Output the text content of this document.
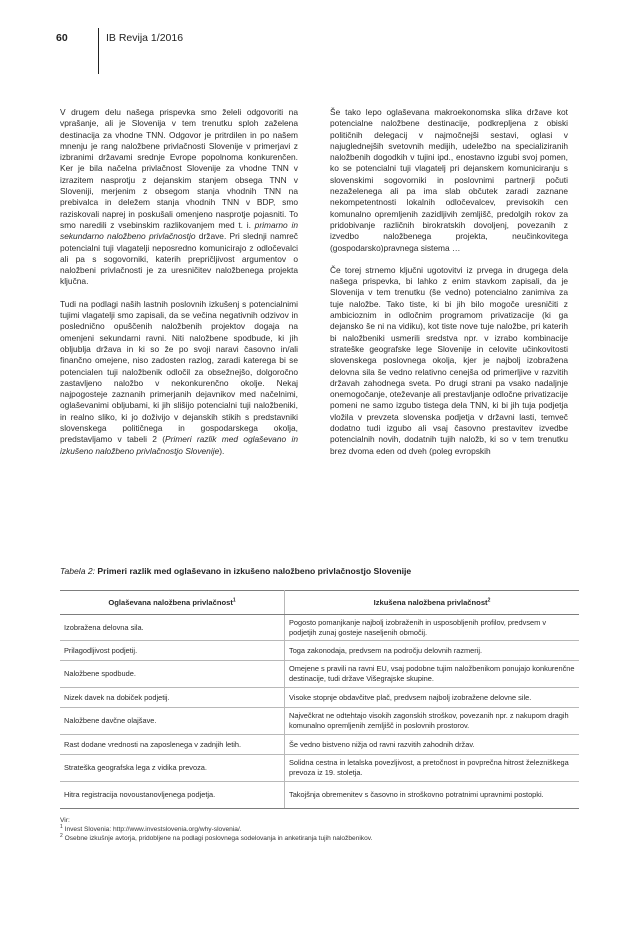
60	IB Revija 1/2016

V drugem delu našega prispevka smo želeli odgovoriti na vprašanje, ali je Slovenija v tem trenutku sploh zaželena destinacija za vhodne TNN. Odgovor je pritrdilen in po našem mnenju je rang naložbene privlačnosti Slovenije v primerjavi z izbranimi državami srednje Evrope popolnoma konkurenčen. Ker je bila načelna privlačnost Slovenije za vhodne TNN v izrazitem nasprotju z dejanskim stanjem obsega TNN v Sloveniji, merjenim z obsegom stanja vhodnih TNN na prebivalca in deležem stanja vhodnih TNN v BDP, smo raziskovali naprej in poskušali omenjeno nasprotje pojasniti. To smo naredili z vsebinskim razlikovanjem med t. i. primarno in sekundarno naložbeno privlačnostjo države. Pri slednji namreč potencialni tuji vlagatelji neposredno komunicirajo z odločevalci ali pa s sogovorniki, katerih prepričljivost argumentov o naložbeni privlačnosti je za uresničitev naložbenega projekta ključna.

Tudi na podlagi naših lastnih poslovnih izkušenj s potencialnimi tujimi vlagatelji smo zapisali, da se večina negativnih odzivov in poslednično opuščenih naložbenih projektov dogaja na omenjeni sekundarni ravni. Niti naložbene spodbude, ki jih obljublja država in ki so že po svoji naravi časovno in/ali finančno omejene, niso zadosten razlog, zaradi katerega bi se potencialen tuji naložbenik odločil za obsežnejšo, dolgoročno zastavljeno naložbo v nekonkurenčno okolje. Nekaj najpogosteje zaznanih primerjanih dejavnikov med načelnimi, oglaševanimi obljubami, ki jih slišijo potencialni tuji naložbeniki, in realno sliko, ki jo doživijo v dejanskih stikih s predstavniki slovenskega političnega in gospodarskega okolja, predstavljamo v tabeli 2 (Primeri razlik med oglaševano in izkušeno naložbeno privlačnostjo Slovenije).

Še tako lepo oglaševana makroekonomska slika države kot potencialne naložbene destinacije, podkrepljena z obiski političnih delegacij v najmočnejši sestavi, oglasi v najuglednejših svetovnih medijih, udeležbo na specializiranih naložbenih dogodkih v tujini ipd., enostavno izgubi svoj pomen, ko se potencialni tuji vlagatelj pri dejanskem komuniciranju s slovenskimi sogovorniki in poslovnimi partnerji počuti nezaželenega ali pa ima slab občutek zaradi zaznane nekompetentnosti lokalnih odločevalcev, previsokih cen komunalno opremljenih zazidljivih zemljišč, predolgih rokov za pridobivanje različnih birokratskih dovoljenj, povezanih z izvedbo naložbenega projekta, neučinkovitega (gospodarsko)pravnega sistema …

Če torej strnemo ključni ugotovitvi iz prvega in drugega dela našega prispevka, bi lahko z enim stavkom zapisali, da je Slovenija v tem trenutku (še vedno) potencialno zanimiva za tuje naložbe. Tako tiste, ki bi jih bilo mogoče uresničiti z ambicioznim in odločnim programom privatizacije (ki ga dejansko še ni na vidiku), kot tiste nove tuje naložbe, pri katerih bi naložbeniki usmerili sredstva npr. v izrabo kombinacije strateške geografske lege Slovenije in celovite učinkovitosti slovenskega poslovnega okolja, kjer je najbolj izobražena delovna sila še vedno relativno cenejša od primerljive v razvitih državah zahodnega sveta. Po drugi strani pa vsako nadaljnje onemogočanje, oteževanje ali prestavljanje odločne privatizacije pomeni ne samo izgubo tistega dela TNN, ki bi jih tuja podjetja vložila v prevzeta slovenska podjetja v državni lasti, temveč dodatno tudi izgubo ali vsaj časovno prestavitev izvedbe potencialnih novih, dodatnih tujih naložb, ki so v tem trenutku brez dvoma eden od dveh (poleg evropskih

Tabela 2: Primeri razlik med oglaševano in izkušeno naložbeno privlačnostjo Slovenije
Oglaševana naložbena privlačnost$^1$	Izkušena naložbena privlačnost$^2$
Izobražena delovna sila.	Pogosto pomanjkanje najbolj izobraženih in usposobljenih profilov, predvsem v podjetjih zunaj gosteje naseljenih območij.
Prilagodljivost podjetij.	Toga zakonodaja, predvsem na področju delovnih razmerij.
Naložbene spodbude.	Omejene s pravili na ravni EU, vsaj podobne tujim naložbenikom ponujajo konkurenčne destinacije, tudi države Višegrajske skupine.
Nizek davek na dobiček podjetij.	Visoke stopnje obdavčitve plač, predvsem najbolj izobražene delovne sile.
Naložbene davčne olajšave.	Največkrat ne odtehtajo visokih zagonskih stroškov, povezanih npr. z nakupom dragih komunalno opremljenih zemljišč in poslovnih prostorov.
Rast dodane vrednosti na zaposlenega v zadnjih letih.	Še vedno bistveno nižja od ravni razvitih zahodnih držav.
Strateška geografska lega z vidika prevoza.	Solidna cestna in letalska povezljivost, a pretočnost in povprečna hitrost železniškega prevoza iz 19. stoletja.
Hitra registracija novoustanovljenega podjetja.	Takojšnja obremenitev s časovno in stroškovno potratnimi upravnimi postopki.
Vir:
$^1$ Invest Slovenia: http://www.investslovenia.org/why-slovenia/.
$^2$ Osebne izkušnje avtorja, pridobljene na podlagi poslovnega sodelovanja in anketiranja tujih naložbenikov.
